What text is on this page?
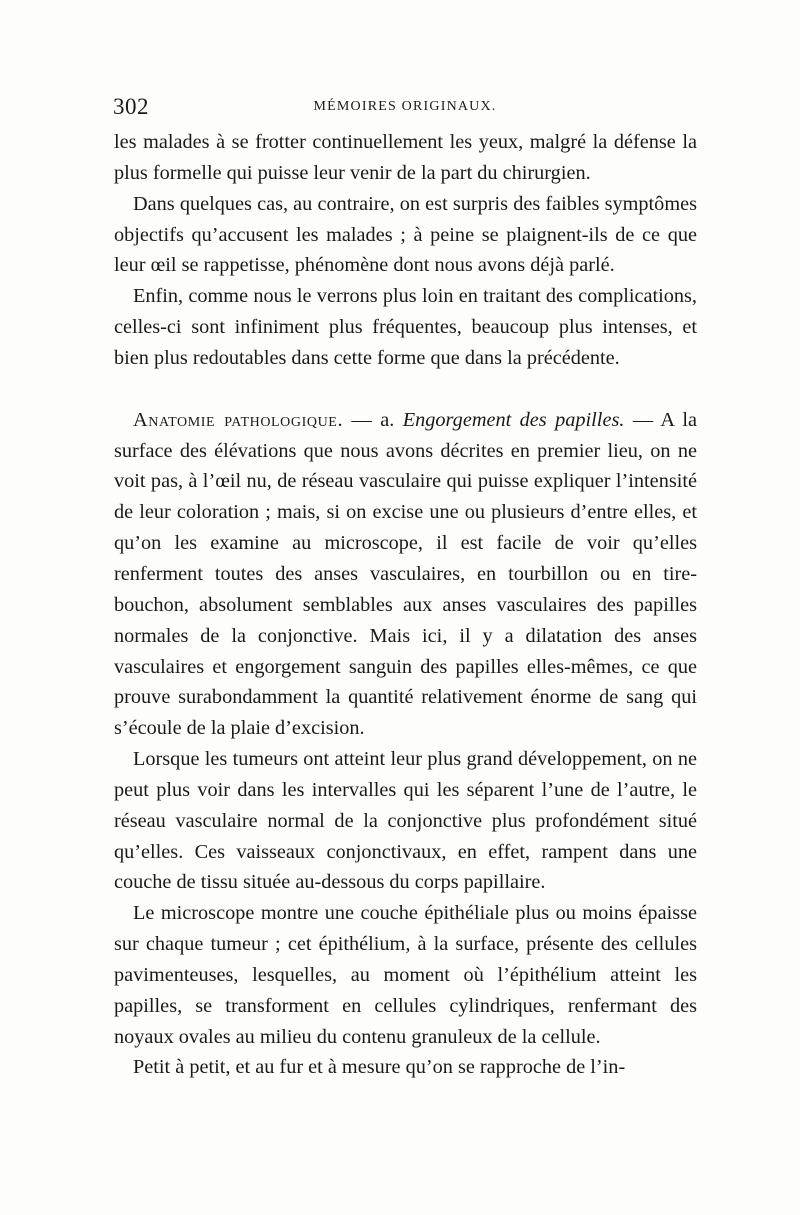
302	MÉMOIRES ORIGINAUX.

les malades à se frotter continuellement les yeux, malgré la défense la plus formelle qui puisse leur venir de la part du chirurgien.

Dans quelques cas, au contraire, on est surpris des faibles symptômes objectifs qu’accusent les malades ; à peine se plaignent-ils de ce que leur œil se rappetisse, phénomène dont nous avons déjà parlé.

Enfin, comme nous le verrons plus loin en traitant des complications, celles-ci sont infiniment plus fréquentes, beaucoup plus intenses, et bien plus redoutables dans cette forme que dans la précédente.

Anatomie pathologique. — a. Engorgement des papilles. — A la surface des élévations que nous avons décrites en premier lieu, on ne voit pas, à l’œil nu, de réseau vasculaire qui puisse expliquer l’intensité de leur coloration ; mais, si on excise une ou plusieurs d’entre elles, et qu’on les examine au microscope, il est facile de voir qu’elles renferment toutes des anses vasculaires, en tourbillon ou en tire-bouchon, absolument semblables aux anses vasculaires des papilles normales de la conjonctive. Mais ici, il y a dilatation des anses vasculaires et engorgement sanguin des papilles elles-mêmes, ce que prouve surabondamment la quantité relativement énorme de sang qui s’écoule de la plaie d’excision.

Lorsque les tumeurs ont atteint leur plus grand développement, on ne peut plus voir dans les intervalles qui les séparent l’une de l’autre, le réseau vasculaire normal de la conjonctive plus profondément situé qu’elles. Ces vaisseaux conjonctivaux, en effet, rampent dans une couche de tissu située au-dessous du corps papillaire.

Le microscope montre une couche épithéliale plus ou moins épaisse sur chaque tumeur ; cet épithélium, à la surface, présente des cellules pavimenteuses, lesquelles, au moment où l’épithélium atteint les papilles, se transforment en cellules cylindriques, renfermant des noyaux ovales au milieu du contenu granuleux de la cellule.

Petit à petit, et au fur et à mesure qu’on se rapproche de l’in-
